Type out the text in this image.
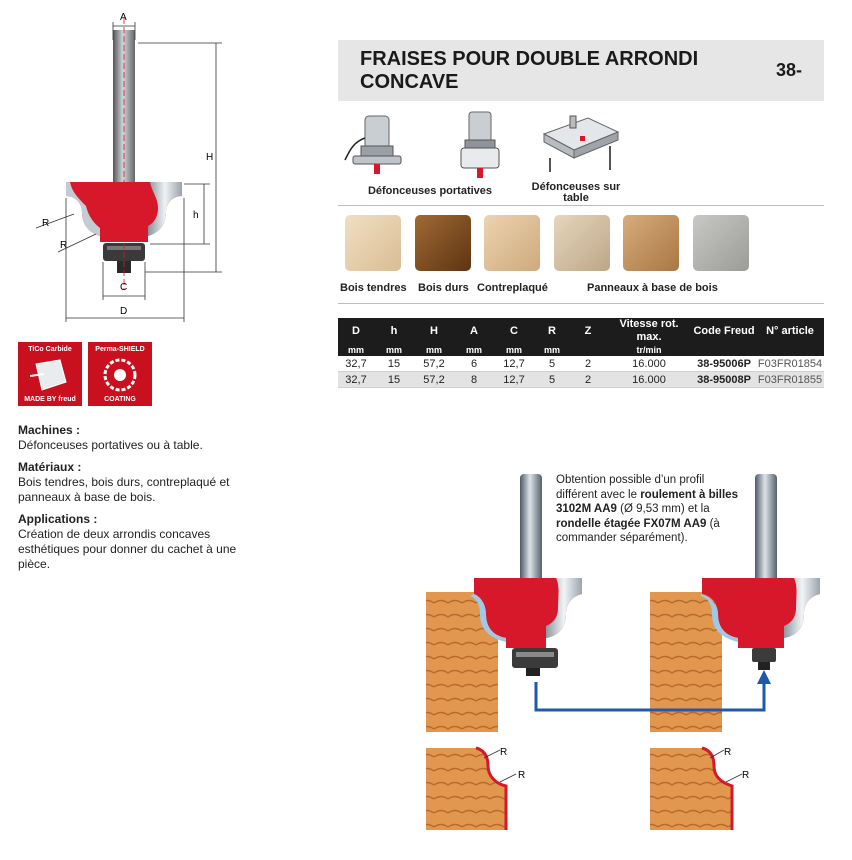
FRAISES POUR DOUBLE ARRONDI CONCAVE
38-
A
H
h
R
R
C
D
Défonceuses portatives	Défonceuses sur table
Bois tendres Bois durs Contreplaqué	Panneaux à base de bois
D	h	H	A	C	R	Z	Vitesse rot. max.	Code Freud	N° article
mm	mm	mm	mm	mm	mm		tr/min		
32,7	15	57,2	6	12,7	5	2	16.000	38-95006P	F03FR01854
32,7	15	57,2	8	12,7	5	2	16.000	38-95008P	F03FR01855
TiCo Carbide
MADE BY freud
Perma-SHIELD
COATING
Machines :
Défonceuses portatives ou à table.
Matériaux :
Bois tendres, bois durs, contreplaqué et panneaux à base de bois.
Applications :
Création de deux arrondis concaves esthétiques pour donner du cachet à une pièce.
Obtention possible d’un profil différent avec le roulement à billes 3102M AA9 (Ø 9,53 mm) et la rondelle étagée FX07M AA9 (à commander séparément).
R
R
R
R
